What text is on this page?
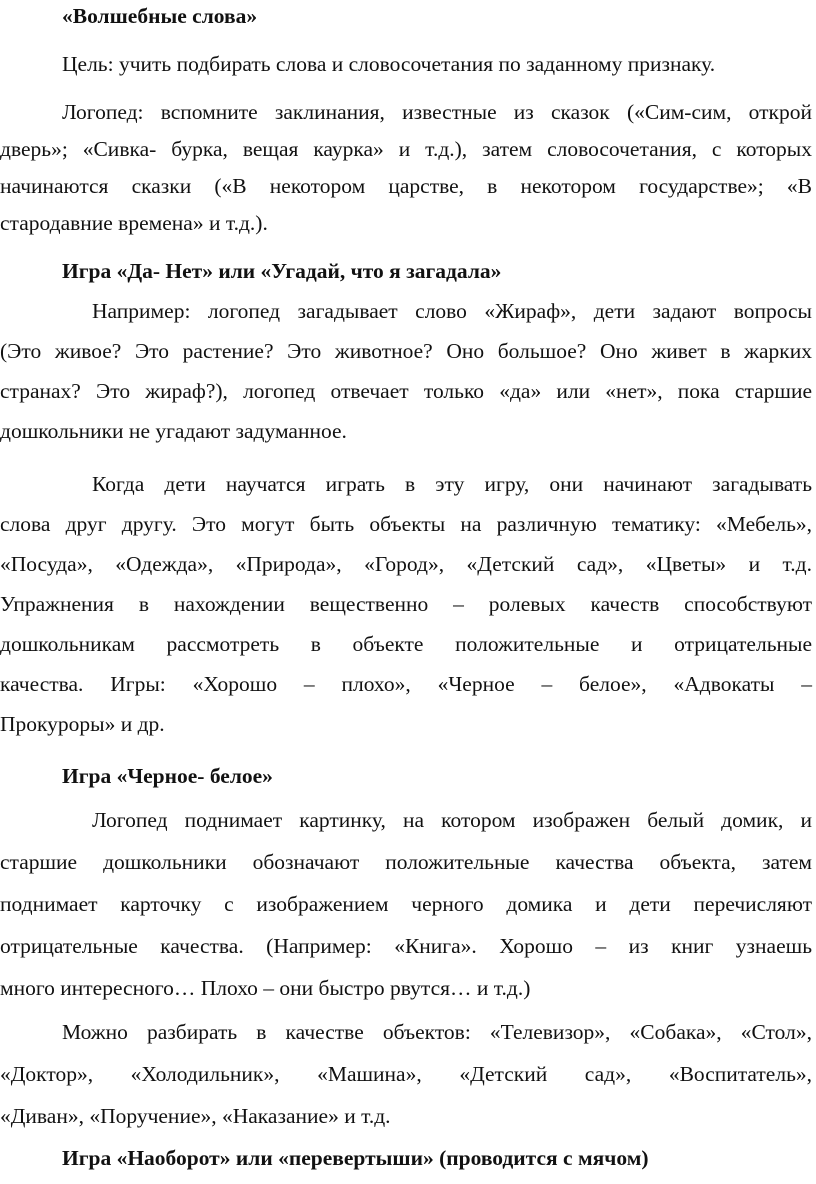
«Волшебные слова»
Цель: учить подбирать слова и словосочетания по заданному признаку.
Логопед: вспомните заклинания, известные из сказок («Сим-сим, открой
дверь»; «Сивка- бурка, вещая каурка» и т.д.), затем словосочетания, с которых
начинаются сказки («В некотором царстве, в некотором государстве»; «В
стародавние времена» и т.д.).
Игра «Да- Нет» или «Угадай, что я загадала»
Например: логопед загадывает слово «Жираф», дети задают вопросы
(Это живое? Это растение? Это животное? Оно большое? Оно живет в жарких
странах? Это жираф?), логопед отвечает только «да» или «нет», пока старшие
дошкольники не угадают задуманное.
Когда дети научатся играть в эту игру, они начинают загадывать
слова друг другу. Это могут быть объекты на различную тематику: «Мебель»,
«Посуда», «Одежда», «Природа», «Город», «Детский сад», «Цветы» и т.д.
Упражнения в нахождении вещественно – ролевых качеств способствуют
дошкольникам рассмотреть в объекте положительные и отрицательные
качества. Игры: «Хорошо – плохо», «Черное – белое», «Адвокаты –
Прокуроры» и др.
Игра «Черное- белое»
Логопед поднимает картинку, на котором изображен белый домик, и
старшие дошкольники обозначают положительные качества объекта, затем
поднимает карточку с изображением черного домика и дети перечисляют
отрицательные качества. (Например: «Книга». Хорошо – из книг узнаешь
много интересного… Плохо – они быстро рвутся… и т.д.)
Можно разбирать в качестве объектов: «Телевизор», «Собака», «Стол»,
«Доктор», «Холодильник», «Машина», «Детский сад», «Воспитатель»,
«Диван», «Поручение», «Наказание» и т.д.
Игра «Наоборот» или «перевертыши» (проводится с мячом)
